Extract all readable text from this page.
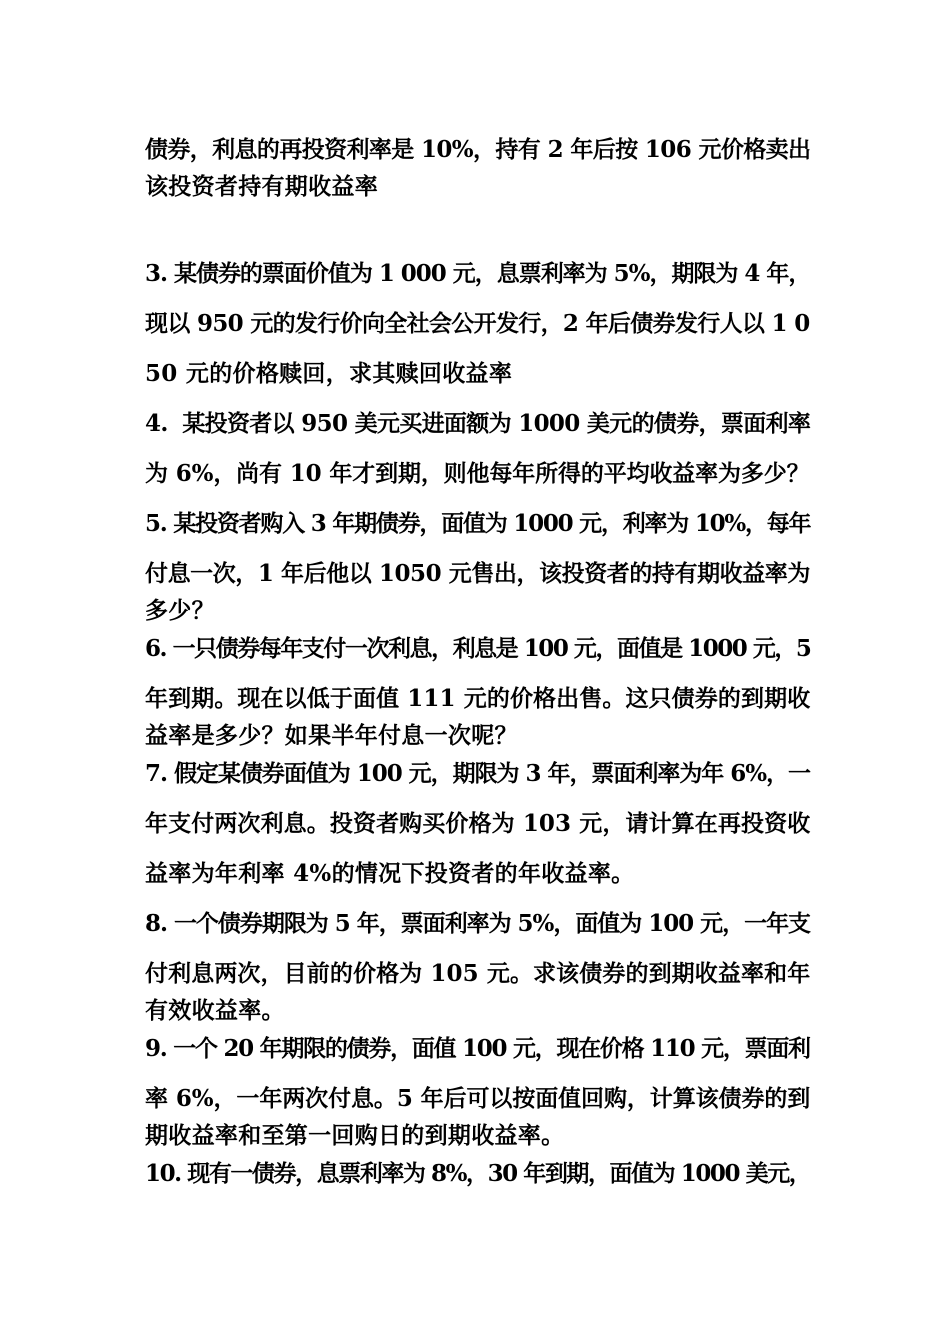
债券，利息的再投资利率是 10%，持有 2 年后按 106 元价格卖出

该投资者持有期收益率

3. 某债券的票面价值为 1 000 元，息票利率为 5%，期限为 4 年，

现以 950 元的发行价向全社会公开发行，2 年后债券发行人以 1 0

50 元的价格赎回，求其赎回收益率

4.  某投资者以 950 美元买进面额为 1000 美元的债券，票面利率

为 6%，尚有 10 年才到期，则他每年所得的平均收益率为多少？

5. 某投资者购入 3 年期债券，面值为 1000 元，利率为 10%，每年

付息一次，1 年后他以 1050 元售出，该投资者的持有期收益率为

多少？

6. 一只债券每年支付一次利息，利息是 100 元，面值是 1000 元，5

年到期。现在以低于面值 111 元的价格出售。这只债券的到期收

益率是多少？如果半年付息一次呢？

7. 假定某债券面值为 100 元，期限为 3 年，票面利率为年 6%，一

年支付两次利息。投资者购买价格为 103 元，请计算在再投资收

益率为年利率 4%的情况下投资者的年收益率。

8. 一个债券期限为 5 年，票面利率为 5%，面值为 100 元，一年支

付利息两次，目前的价格为 105 元。求该债券的到期收益率和年

有效收益率。

9. 一个 20 年期限的债券，面值 100 元，现在价格 110 元，票面利

率 6%，一年两次付息。5 年后可以按面值回购，计算该债券的到

期收益率和至第一回购日的到期收益率。

10. 现有一债券，息票利率为 8%，30 年到期，面值为 1000 美元，
